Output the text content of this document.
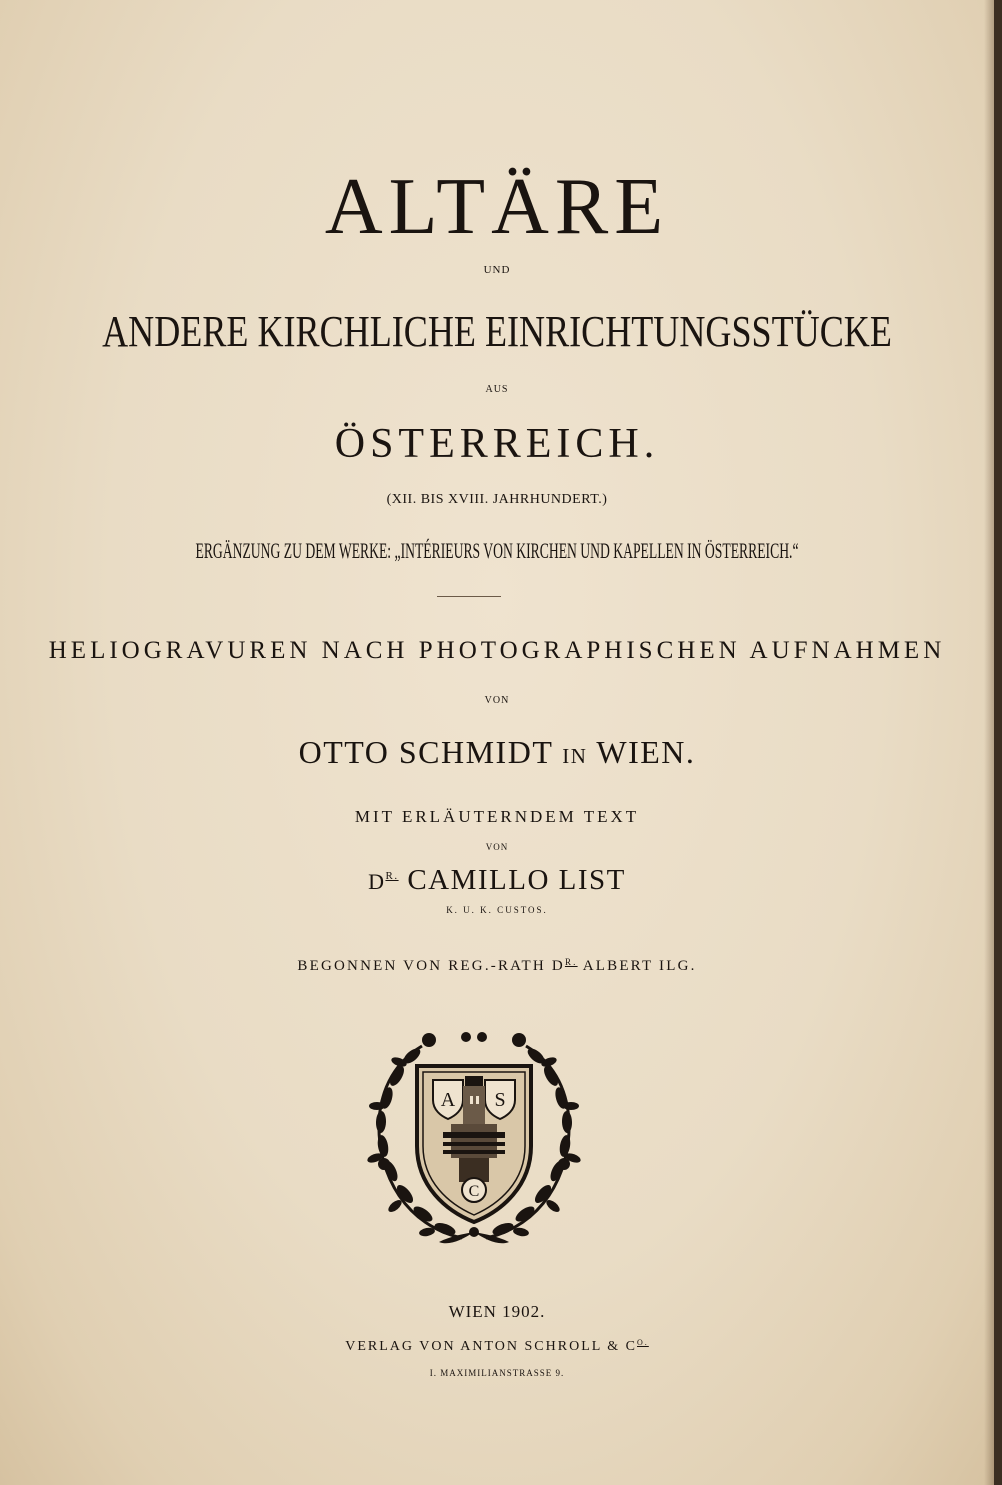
ALTÄRE
UND
ANDERE KIRCHLICHE EINRICHTUNGSSTÜCKE
AUS
ÖSTERREICH.
(XII. BIS XVIII. JAHRHUNDERT.)
ERGÄNZUNG ZU DEM WERKE: „INTÉRIEURS VON KIRCHEN UND KAPELLEN IN ÖSTERREICH.“
HELIOGRAVUREN NACH PHOTOGRAPHISCHEN AUFNAHMEN
VON
OTTO SCHMIDT IN WIEN.
MIT ERLÄUTERNDEM TEXT
VON
$D^{R.}$ CAMILLO LIST
K. U. K. CUSTOS.
BEGONNEN VON REG.-RATH $D^{R.}$ ALBERT ILG.
A S
C
WIEN 1902.
VERLAG VON ANTON SCHROLL & $C^{O.}$
I. MAXIMILIANSTRASSE 9.
